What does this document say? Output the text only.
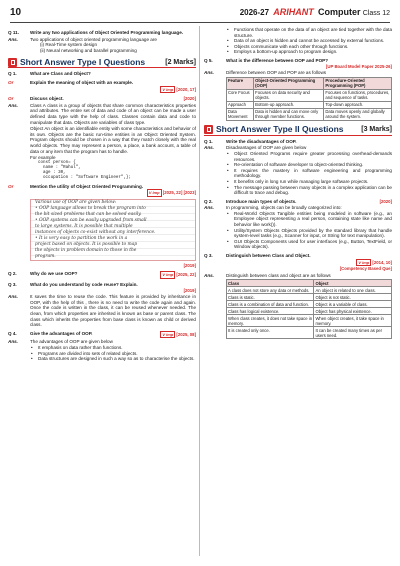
10	2026-27 ARIHANT Computer Class 12
Q 11.	Write any two applications of Object Oriented Programming language.
Ans.	Two applications of object oriented programming language are
(i) Real-Time system design
(ii) Neural networking and barallel programming
Short Answer Type I Questions	[2 Marks]
Q 1.	What are Class and Object?
Or	Explain the meaning of object with an example.
V Imp [2020, 17]
Or	Discuss object.	[2020]
Ans.	Class A class is a group of objects that share common characteristics properties and attributes. The entire set of data and code of an object can be made a user defined data type with the help of class. Classes contain data and code to manipulate that data. Objects are variables of class type.
Object An object is an identifiable entity with some characteristics and behavior of its own. Objects are the basic run-time entities in an Object Oriented System. Program objects should be chosen in a way that they match closely with the real world objects. They may represent a person, a place, a bank account, a table of data or any item that the program has to handle.
For example
const person= {
name : "Rahul",
age : 30,
occupation : "Software Engineer",};
Or	Mention the utility of Object Oriented Programming.
V Imp [2025, 22] [2023]
Various use of OOP are given below:
• OOP language allows to break the program into
the bit sized problems that can be solved easily.
• OOP systems can be easily upgraded from small
to large systems. It is possible that multiple
instances of objects co-exist without any interference.
• It is very easy to partition the work in a
project based on objects. It is possible to map
the objects in problem domain to those in the
program.
[2019]
Q 2.	Why do we use OOP?	V Imp [2025, 22]
Q 3.	What do you understand by code reuse? Explain.
[2019]
Ans.	It saves the time to reuse the code. This feature is provided by inheritance in OOP, with the help of this , there is no need to write the code again and again. Once the code is written in the class, it can be reused whenever needed. The clean, from which properties are inherited is known as base or parent class. The class which inherits the properties from base class is known as child or derived class.
Q 4.	Give the advantages of OOP.	V Imp [2025, 08]
Ans.	The advantages of OOP are given below
• It emphasis on data rather than functions.
• Programs are divided into sets of related objects.
• Data structures are designed in such a way so as to characterise the objects.
• Functions that operate on the data of an object are tied together with the data structure.
• Data of an object is hidden and cannot be accessed by external functions.
• Objects communicate with each other through functions.
• Employs a bottom-up approach to program design.
Q 5.	What is the difference between OOP and POP?
[UP Board Model Paper 2025-26]
Ans.	Difference between OOP and POP are as follows
Feature	Object-Oriented Programming (OOP)	Procedure-Oriented Programming (POP)
Core Focus	Focuses on data security and objects.	Focuses on functions, procedures, and sequence of tasks.
Approach	Bottom-up approach.	Top-down approach.
Data Movement	Data is hidden and can move only through member functions.	Data moves openly and globally around the system.
Short Answer Type II Questions	[3 Marks]
Q 1.	Write the disadvantages of OOP.
Ans.	Disadvantages of OOP are given below
• Object Oriented Programs require greater processing overhead-demands resources.
• Re-orientation of software developer to object-oriented thinking.
• It requires the mastery in software engineering and programming methodology.
• It benefits only in long run while managing large software projects.
• The message passing between many objects in a complex application can be difficult to trace and debug.
Q 2.	Introduce main types of objects.	[2020]
Ans.	In programming, objects can be broadly categorized into:
• Real-World Objects Tangible entities being modeled in software (e.g., an Employee object representing a real person, containing state like name and behavior like work()).
• Utility/System Objects Objects provided by the standard library that handle system-level tasks (e.g., Scanner for input, or String for text manipulation).
• GUI Objects Components used for user interfaces (e.g., Button, TextField, or Window objects).
Q 3.	Distinguish between Class and Object.
V Imp [2014, 10]
[Competency Based Que]
Ans.	Distinguish between class and object are as follows
Class	Object
A class does not store any data or methods.	An object is related to one class.
Class is static.	Object is not static.
Class is a combination of data and function.	Object is a variable of class.
Class has logical existence.	Object has physical existence.
When class creates, it does not take space in memory.	When object creates, it take space in memory.
It is created only once.	It can be created many times as per users need.
